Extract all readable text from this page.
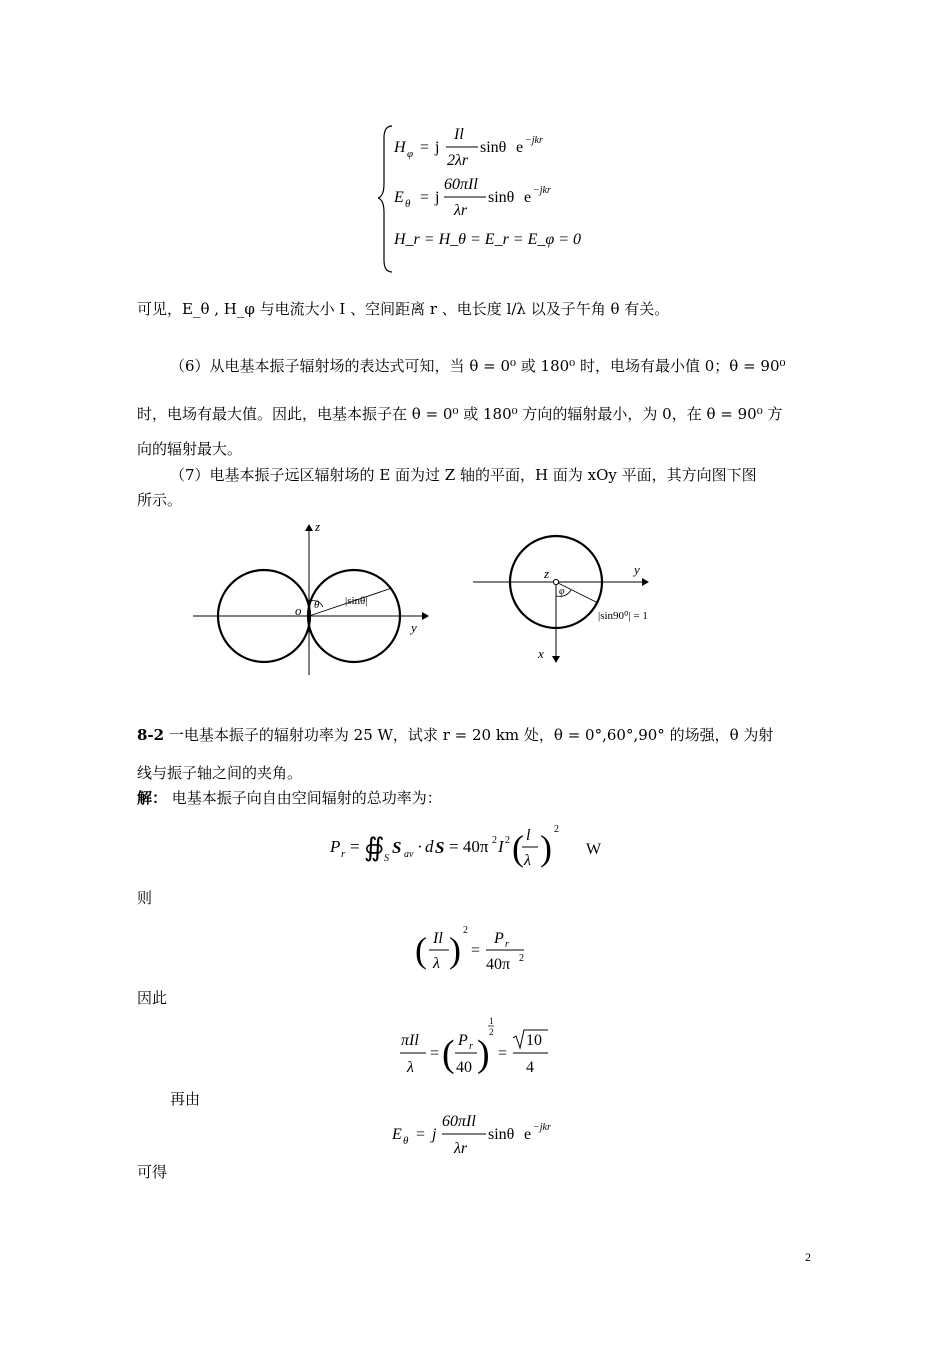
H φ = j
Il
2λr
sinθ e −jkr
E θ = j
60πIl
λr
sinθ e −jkr
H_r = H_θ = E_r = E_φ = 0
可见，E_θ , H_φ 与电流大小 I 、空间距离 r 、电长度 l/λ 以及子午角 θ 有关。
（6）从电基本振子辐射场的表达式可知，当 θ = 0⁰ 或 180⁰ 时，电场有最小值 0；θ = 90⁰
时，电场有最大值。因此，电基本振子在 θ = 0⁰ 或 180⁰ 方向的辐射最小，为 0，在 θ = 90⁰ 方
向的辐射最大。
（7）电基本振子远区辐射场的 E 面为过 Z 轴的平面，H 面为 xOy 平面，其方向图下图
所示。
z
y
o θ |sinθ|
z	y
x
φ
|sin90⁰| = 1
8-2 一电基本振子的辐射功率为 25 W，试求 r = 20 km 处，θ = 0°,60°,90° 的场强，θ 为射
线与振子轴之间的夹角。
解： 电基本振子向自由空间辐射的总功率为：
P r = ∯ S
S av · d S = 40π 2 I 2 ( l
λ ) 2
W
则
( Il
λ ) 2
=
P r
40π 2
因此
πIl
λ
= ( P r
40 )
1
2
=
10
4
再由
E θ = j
60πIl
λr
sinθ e −jkr
可得
2
